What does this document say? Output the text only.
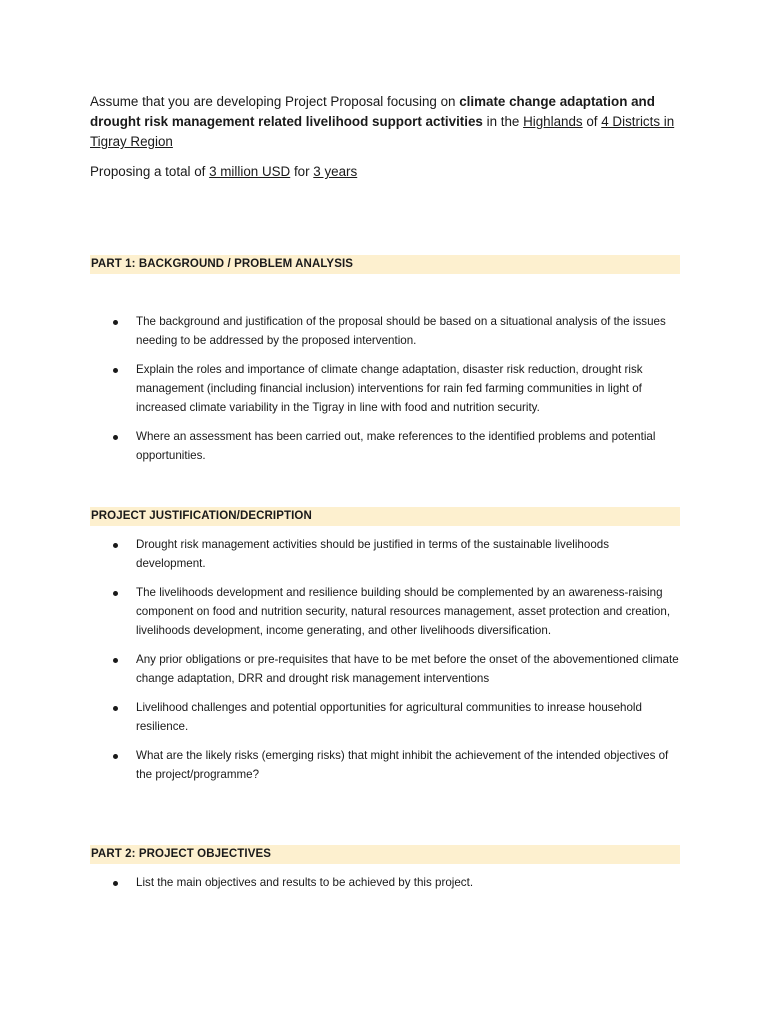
Assume that you are developing Project Proposal focusing on climate change adaptation and drought risk management related livelihood support activities in the Highlands of 4 Districts in Tigray Region

Proposing a total of 3 million USD for 3 years

PART 1: BACKGROUND / PROBLEM ANALYSIS
The background and justification of the proposal should be based on a situational analysis of the issues needing to be addressed by the proposed intervention.
Explain the roles and importance of climate change adaptation, disaster risk reduction, drought risk management (including financial inclusion) interventions for rain fed farming communities in light of increased climate variability in the Tigray in line with food and nutrition security.
Where an assessment has been carried out, make references to the identified problems and potential opportunities.
PROJECT JUSTIFICATION/DECRIPTION
Drought risk management activities should be justified in terms of the sustainable livelihoods development.
The livelihoods development and resilience building should be complemented by an awareness-raising component on food and nutrition security, natural resources management, asset protection and creation, livelihoods development, income generating, and other livelihoods diversification.
Any prior obligations or pre-requisites that have to be met before the onset of the abovementioned climate change adaptation, DRR and drought risk management interventions
Livelihood challenges and potential opportunities for agricultural communities to inrease household resilience.
What are the likely risks (emerging risks) that might inhibit the achievement of the intended objectives of the project/programme?
PART 2: PROJECT OBJECTIVES
List the main objectives and results to be achieved by this project.
